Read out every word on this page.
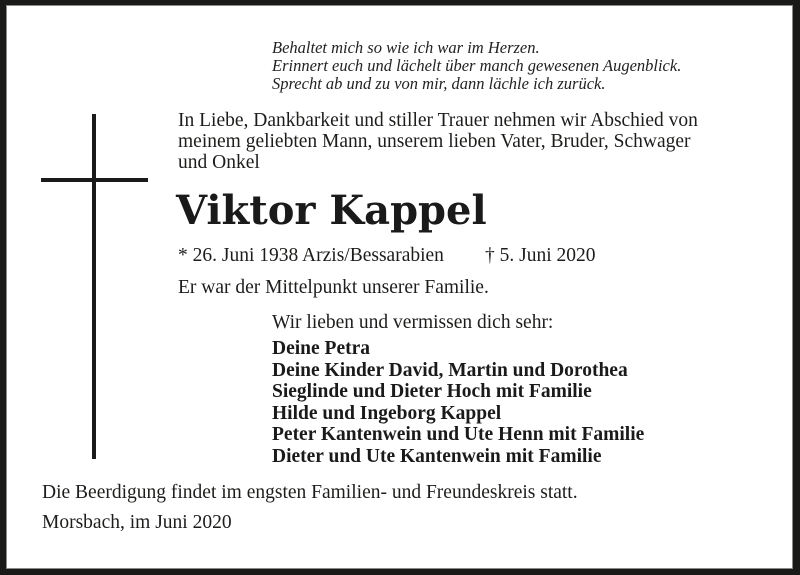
Behaltet mich so wie ich war im Herzen.
Erinnert euch und lächelt über manch gewesenen Augenblick.
Sprecht ab und zu von mir, dann lächle ich zurück.
In Liebe, Dankbarkeit und stiller Trauer nehmen wir Abschied von
meinem geliebten Mann, unserem lieben Vater, Bruder, Schwager
und Onkel
Viktor Kappel
* 26. Juni 1938 Arzis/Bessarabien † 5. Juni 2020
Er war der Mittelpunkt unserer Familie.
Wir lieben und vermissen dich sehr:
Deine Petra
Deine Kinder David, Martin und Dorothea
Sieglinde und Dieter Hoch mit Familie
Hilde und Ingeborg Kappel
Peter Kantenwein und Ute Henn mit Familie
Dieter und Ute Kantenwein mit Familie
Die Beerdigung findet im engsten Familien- und Freundeskreis statt.
Morsbach, im Juni 2020
